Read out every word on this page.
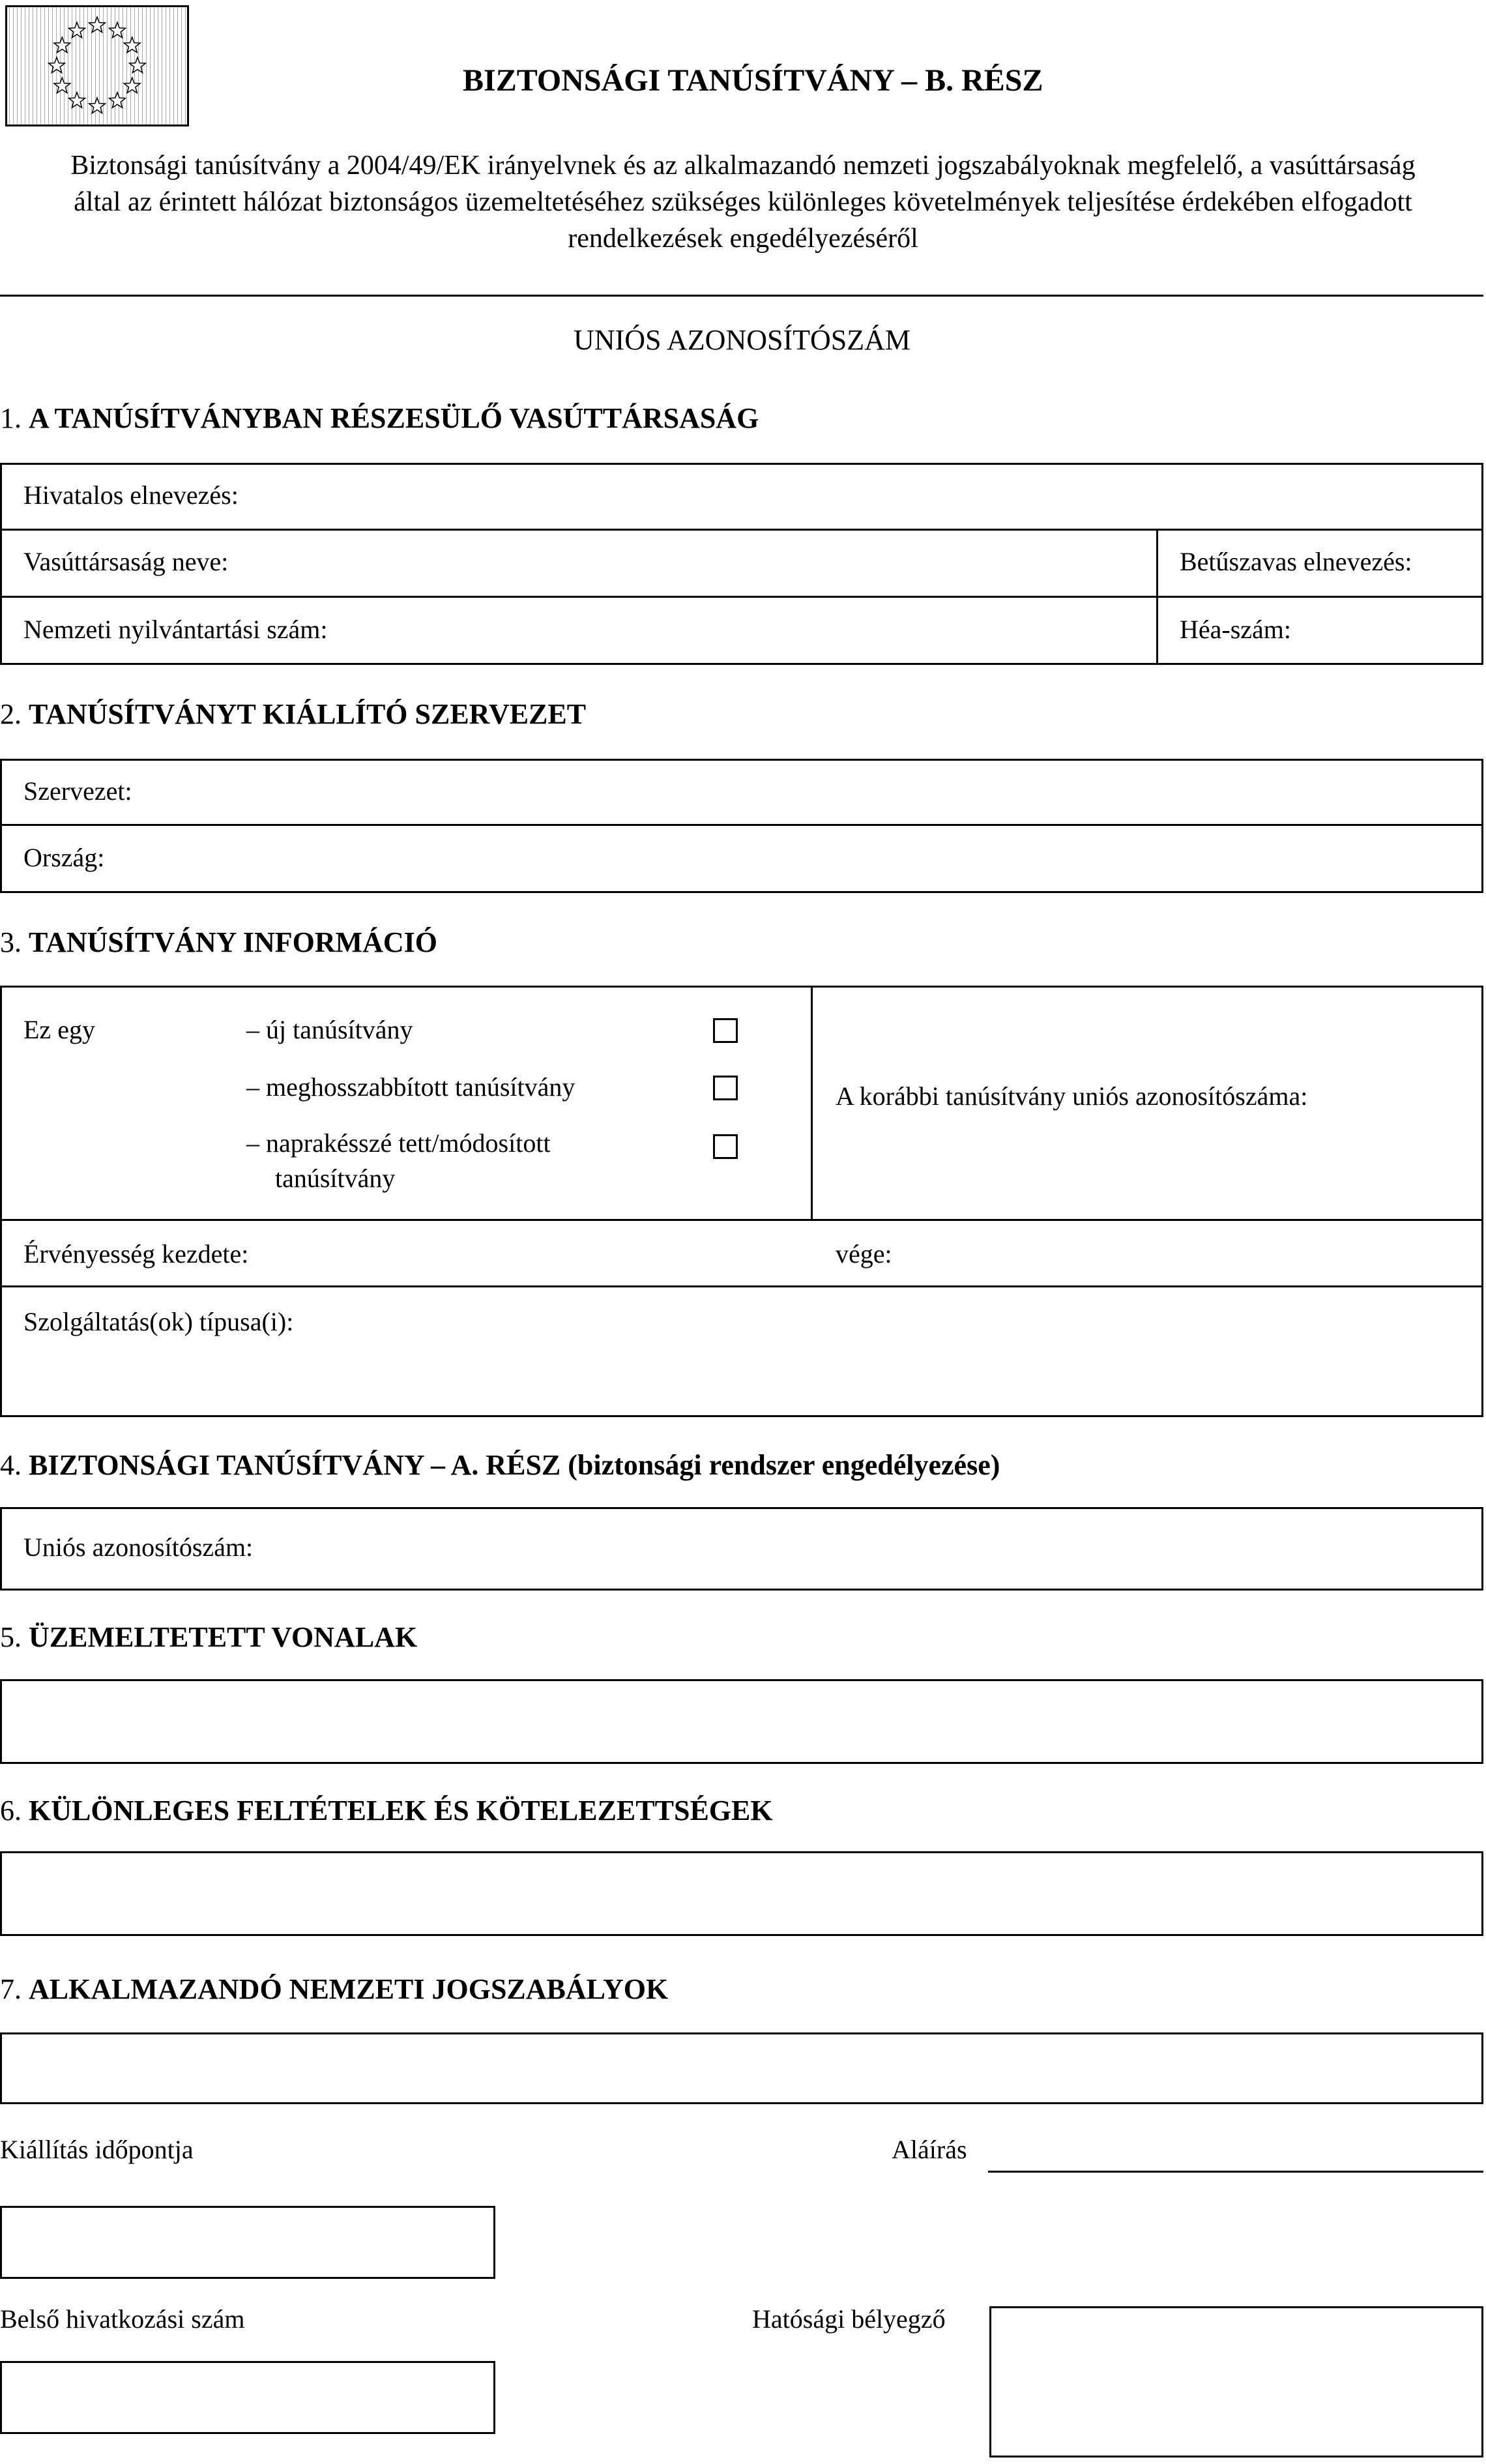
BIZTONSÁGI TANÚSÍTVÁNY – B. RÉSZ
Biztonsági tanúsítvány a 2004/49/EK irányelvnek és az alkalmazandó nemzeti jogszabályoknak megfelelő, a vasúttársaság
által az érintett hálózat biztonságos üzemeltetéséhez szükséges különleges követelmények teljesítése érdekében elfogadott
rendelkezések engedélyezéséről
UNIÓS AZONOSÍTÓSZÁM
1. A TANÚSÍTVÁNYBAN RÉSZESÜLŐ VASÚTTÁRSASÁG
Hivatalos elnevezés:
Vasúttársaság neve:	Betűszavas elnevezés:
Nemzeti nyilvántartási szám:	Héa-szám:
2. TANÚSÍTVÁNYT KIÁLLÍTÓ SZERVEZET
Szervezet:
Ország:
3. TANÚSÍTVÁNY INFORMÁCIÓ
Ez egy	– új tanúsítvány
– meghosszabbított tanúsítvány
– naprakésszé tett/módosított
tanúsítvány
A korábbi tanúsítvány uniós azonosítószáma:
Érvényesség kezdete:	vége:
Szolgáltatás(ok) típusa(i):
4. BIZTONSÁGI TANÚSÍTVÁNY – A. RÉSZ (biztonsági rendszer engedélyezése)
Uniós azonosítószám:
5. ÜZEMELTETETT VONALAK
6. KÜLÖNLEGES FELTÉTELEK ÉS KÖTELEZETTSÉGEK
7. ALKALMAZANDÓ NEMZETI JOGSZABÁLYOK
Kiállítás időpontja	Aláírás
Belső hivatkozási szám	Hatósági bélyegző
